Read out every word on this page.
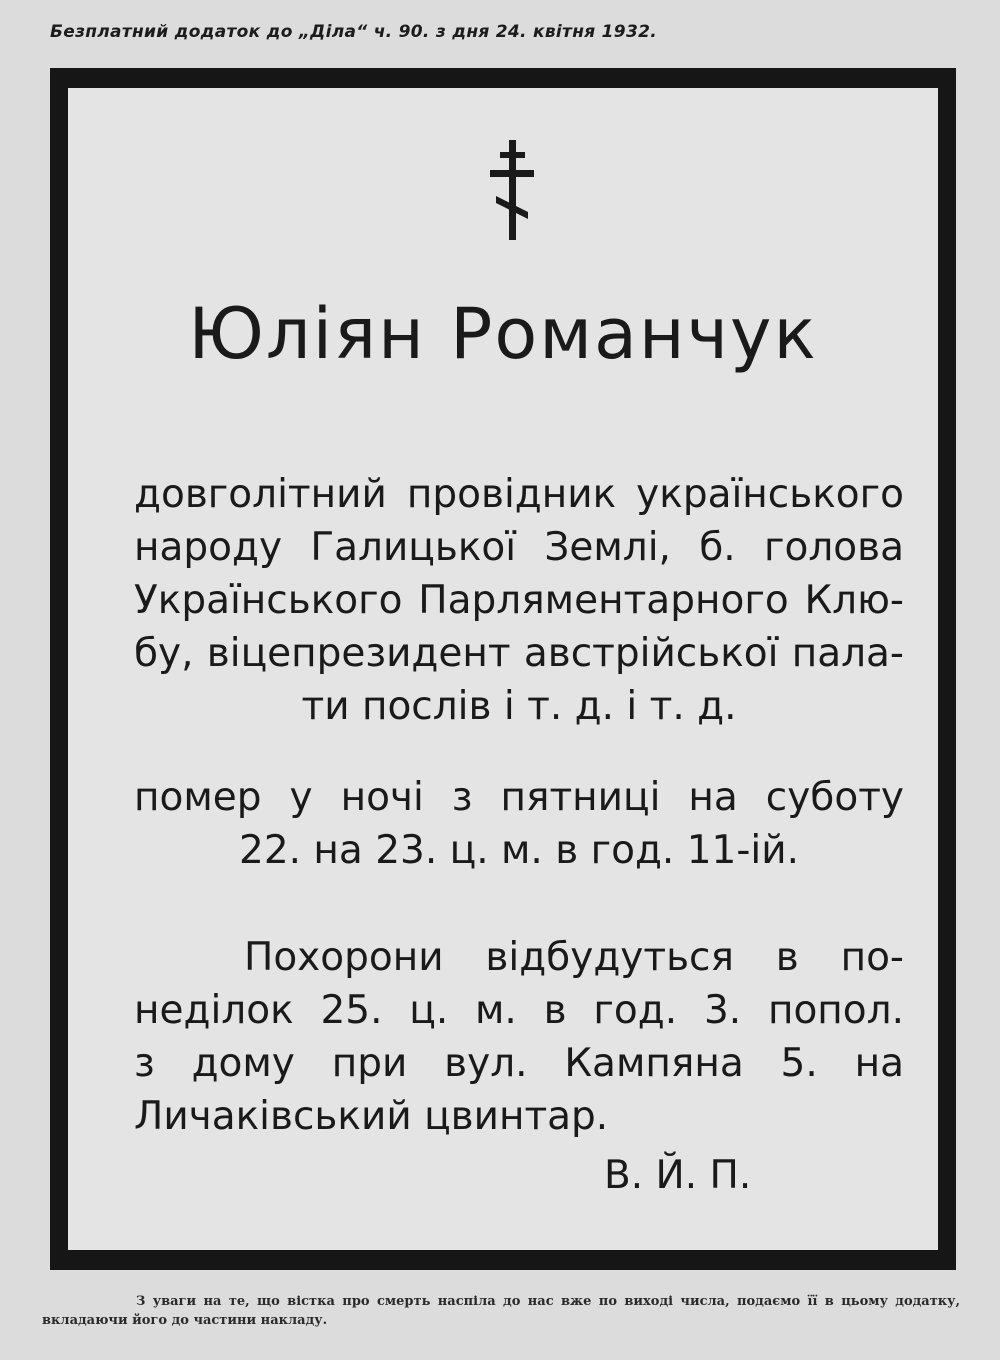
Безплатний додаток до „Діла“ ч. 90. з дня 24. квітня 1932.
Юліян Романчук
довголітний провідник українського
народу Галицької Землі, б. голова
Українського Парляментарного Клю-
бу, віцепрезидент австрійської пала-
ти послів і т. д. і т. д.
помер у ночі з пятниці на суботу
22. на 23. ц. м. в год. 11-ій.
Похорони відбудуться в по-
неділок 25. ц. м. в год. 3. попол.
з дому при вул. Кампяна 5. на
Личаківський цвинтар.
В. Й. П.
З уваги на те, що вістка про смерть наспіла до нас вже по виході числа, подаємо її в цьому додатку,
вкладаючи його до частини накладу.
